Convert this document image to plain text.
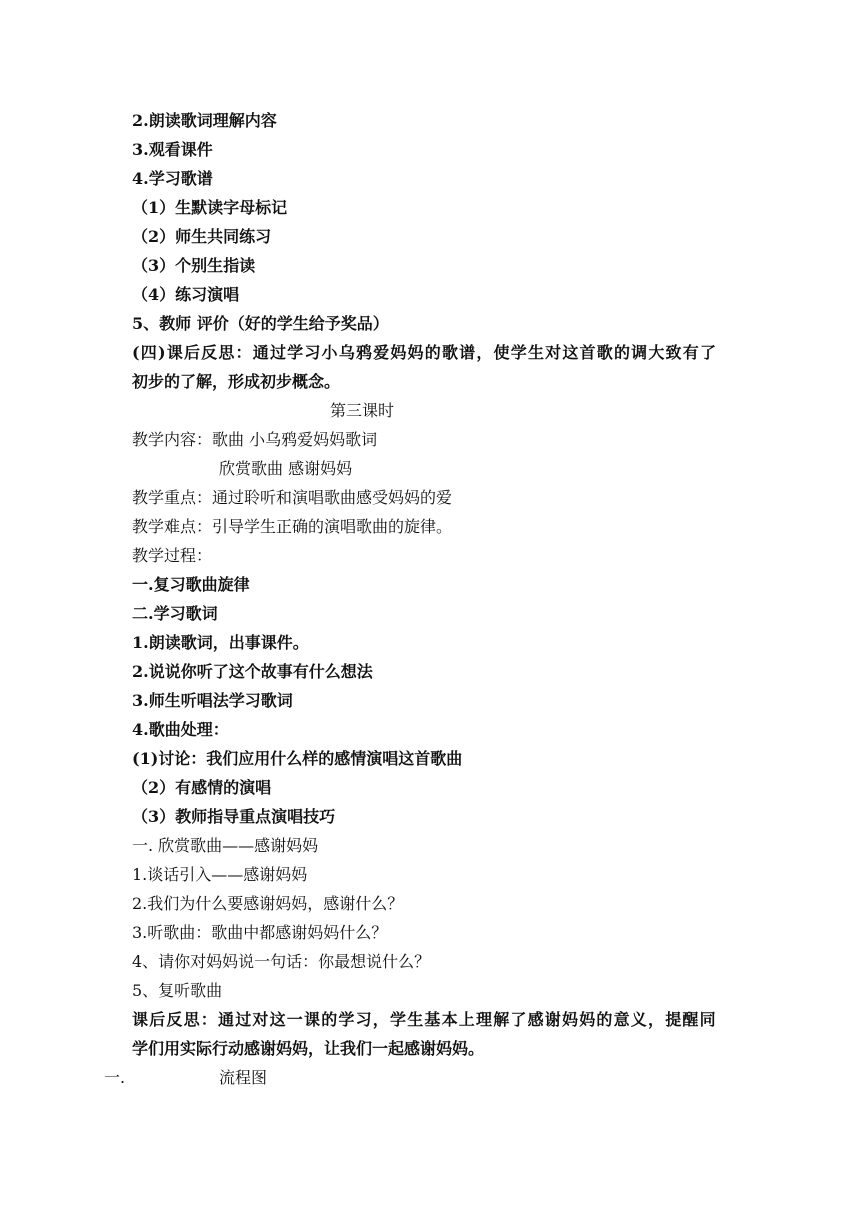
2.朗读歌词理解内容
3.观看课件
4.学习歌谱
（1）生默读字母标记
（2）师生共同练习
（3）个别生指读
（4）练习演唱
5、教师 评价（好的学生给予奖品）
(四)课后反思：通过学习小乌鸦爱妈妈的歌谱，使学生对这首歌的调大致有了
初步的了解，形成初步概念。
第三课时
教学内容：歌曲 小乌鸦爱妈妈歌词
欣赏歌曲 感谢妈妈
教学重点：通过聆听和演唱歌曲感受妈妈的爱
教学难点：引导学生正确的演唱歌曲的旋律。
教学过程：
一.复习歌曲旋律
二.学习歌词
1.朗读歌词，出事课件。
2.说说你听了这个故事有什么想法
3.师生听唱法学习歌词
4.歌曲处理：
(1)讨论：我们应用什么样的感情演唱这首歌曲
（2）有感情的演唱
（3）教师指导重点演唱技巧
一. 欣赏歌曲——感谢妈妈
1.谈话引入——感谢妈妈
2.我们为什么要感谢妈妈，感谢什么？
3.听歌曲：歌曲中都感谢妈妈什么？
4、请你对妈妈说一句话：你最想说什么？
5、复听歌曲
课后反思：通过对这一课的学习，学生基本上理解了感谢妈妈的意义，提醒同
学们用实际行动感谢妈妈，让我们一起感谢妈妈。
一.	流程图
